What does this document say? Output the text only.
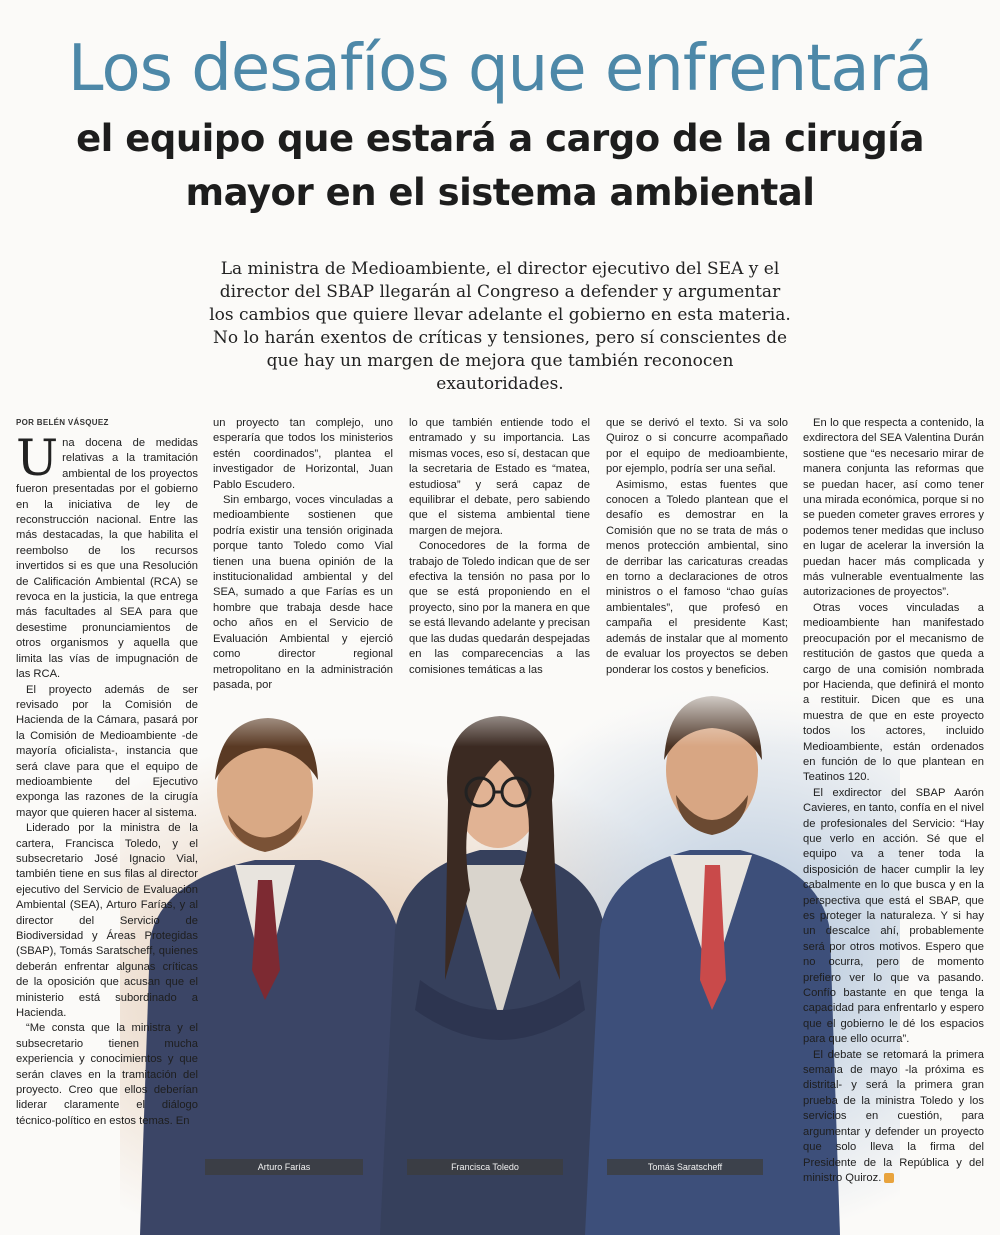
Los desafíos que enfrentará
el equipo que estará a cargo de la cirugía
mayor en el sistema ambiental
La ministra de Medioambiente, el director ejecutivo del SEA y el director del SBAP llegarán al Congreso a defender y argumentar los cambios que quiere llevar adelante el gobierno en esta materia. No lo harán exentos de críticas y tensiones, pero sí conscientes de que hay un margen de mejora que también reconocen exautoridades.
Arturo Farías	Francisca Toledo	Tomás Saratscheff
POR BELÉN VÁSQUEZ

Una docena de medidas relativas a la tramitación ambiental de los proyectos fueron presentadas por el gobierno en la iniciativa de ley de reconstrucción nacional. Entre las más destacadas, la que habilita el reembolso de los recursos invertidos si es que una Resolución de Calificación Ambiental (RCA) se revoca en la justicia, la que entrega más facultades al SEA para que desestime pronunciamientos de otros organismos y aquella que limita las vías de impugnación de las RCA.

El proyecto además de ser revisado por la Comisión de Hacienda de la Cámara, pasará por la Comisión de Medioambiente -de mayoría oficialista-, instancia que será clave para que el equipo de medioambiente del Ejecutivo exponga las razones de la cirugía mayor que quieren hacer al sistema.

Liderado por la ministra de la cartera, Francisca Toledo, y el subsecretario José Ignacio Vial, también tiene en sus filas al director ejecutivo del Servicio de Evaluación Ambiental (SEA), Arturo Farías, y al director del Servicio de Biodiversidad y Áreas Protegidas (SBAP), Tomás Saratscheff, quienes deberán enfrentar algunas críticas de la oposición que acusan que el ministerio está subordinado a Hacienda.

“Me consta que la ministra y el subsecretario tienen mucha experiencia y conocimientos y que serán claves en la tramitación del proyecto. Creo que ellos deberían liderar claramente el diálogo técnico-político en estos temas. En

un proyecto tan complejo, uno esperaría que todos los ministerios estén coordinados”, plantea el investigador de Horizontal, Juan Pablo Escudero.

Sin embargo, voces vinculadas a medioambiente sostienen que podría existir una tensión originada porque tanto Toledo como Vial tienen una buena opinión de la institucionalidad ambiental y del SEA, sumado a que Farías es un hombre que trabaja desde hace ocho años en el Servicio de Evaluación Ambiental y ejerció como director regional metropolitano en la administración pasada, por

lo que también entiende todo el entramado y su importancia. Las mismas voces, eso sí, destacan que la secretaria de Estado es “matea, estudiosa” y será capaz de equilibrar el debate, pero sabiendo que el sistema ambiental tiene margen de mejora.

Conocedores de la forma de trabajo de Toledo indican que de ser efectiva la tensión no pasa por lo que se está proponiendo en el proyecto, sino por la manera en que se está llevando adelante y precisan que las dudas quedarán despejadas en las comparecencias a las comisiones temáticas a las

que se derivó el texto. Si va solo Quiroz o si concurre acompañado por el equipo de medioambiente, por ejemplo, podría ser una señal.

Asimismo, estas fuentes que conocen a Toledo plantean que el desafío es demostrar en la Comisión que no se trata de más o menos protección ambiental, sino de derribar las caricaturas creadas en torno a declaraciones de otros ministros o el famoso “chao guías ambientales”, que profesó en campaña el presidente Kast; además de instalar que al momento de evaluar los proyectos se deben ponderar los costos y beneficios.

En lo que respecta a contenido, la exdirectora del SEA Valentina Durán sostiene que “es necesario mirar de manera conjunta las reformas que se puedan hacer, así como tener una mirada económica, porque si no se pueden cometer graves errores y podemos tener medidas que incluso en lugar de acelerar la inversión la puedan hacer más complicada y más vulnerable eventualmente las autorizaciones de proyectos”.

Otras voces vinculadas a medioambiente han manifestado preocupación por el mecanismo de restitución de gastos que queda a cargo de una comisión nombrada por Hacienda, que definirá el monto a restituir. Dicen que es una muestra de que en este proyecto todos los actores, incluido Medioambiente, están ordenados en función de lo que plantean en Teatinos 120.

El exdirector del SBAP Aarón Cavieres, en tanto, confía en el nivel de profesionales del Servicio: “Hay que verlo en acción. Sé que el equipo va a tener toda la disposición de hacer cumplir la ley cabalmente en lo que busca y en la perspectiva que está el SBAP, que es proteger la naturaleza. Y si hay un descalce ahí, probablemente será por otros motivos. Espero que no ocurra, pero de momento prefiero ver lo que va pasando. Confío bastante en que tenga la capacidad para enfrentarlo y espero que el gobierno le dé los espacios para que ello ocurra”.

El debate se retomará la primera semana de mayo -la próxima es distrital- y será la primera gran prueba de la ministra Toledo y los servicios en cuestión, para argumentar y defender un proyecto que solo lleva la firma del Presidente de la República y del ministro Quiroz.
